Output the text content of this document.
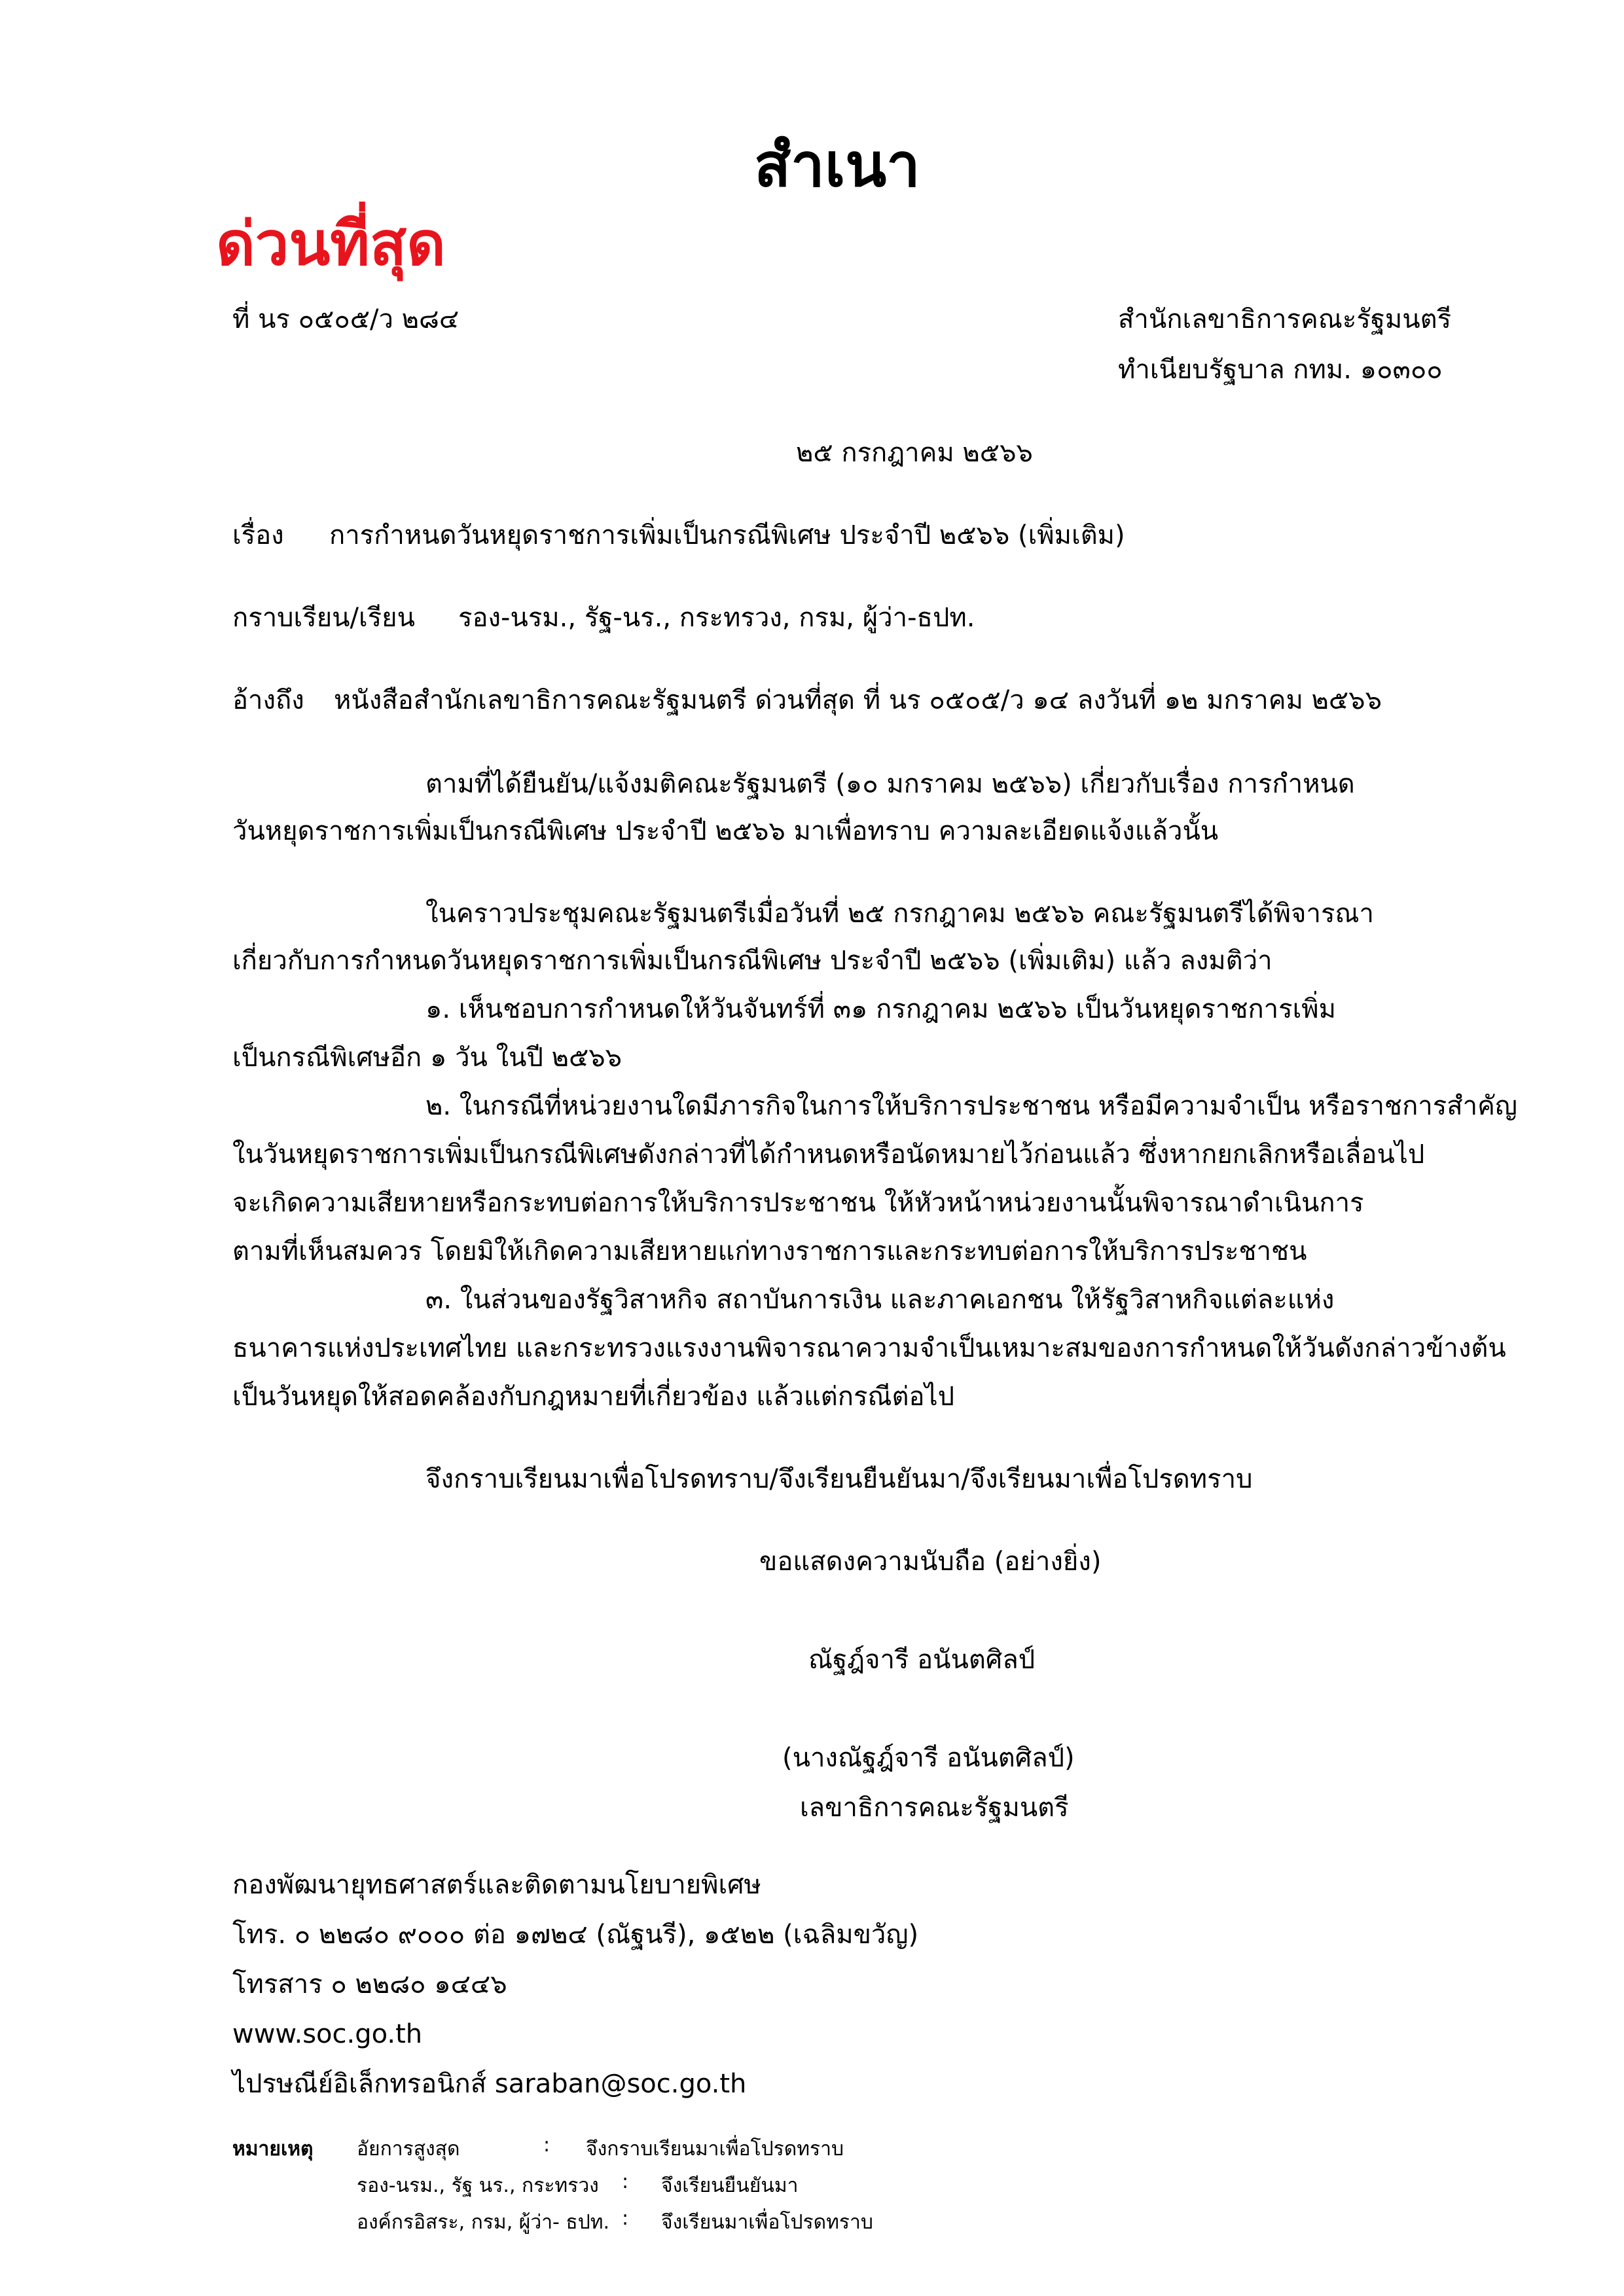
สำเนา
ด่วนที่สุด
ที่ นร ๐๕๐๕/ว ๒๘๔	สำนักเลขาธิการคณะรัฐมนตรี
ทำเนียบรัฐบาล กทม. ๑๐๓๐๐
๒๕ กรกฎาคม ๒๕๖๖
เรื่อง การกำหนดวันหยุดราชการเพิ่มเป็นกรณีพิเศษ ประจำปี ๒๕๖๖ (เพิ่มเติม)
กราบเรียน/เรียน รอง-นรม., รัฐ-นร., กระทรวง, กรม, ผู้ว่า-ธปท.
อ้างถึง หนังสือสำนักเลขาธิการคณะรัฐมนตรี ด่วนที่สุด ที่ นร ๐๕๐๕/ว ๑๔ ลงวันที่ ๑๒ มกราคม ๒๕๖๖
ตามที่ได้ยืนยัน/แจ้งมติคณะรัฐมนตรี (๑๐ มกราคม ๒๕๖๖) เกี่ยวกับเรื่อง การกำหนด
วันหยุดราชการเพิ่มเป็นกรณีพิเศษ ประจำปี ๒๕๖๖ มาเพื่อทราบ ความละเอียดแจ้งแล้วนั้น
ในคราวประชุมคณะรัฐมนตรีเมื่อวันที่ ๒๕ กรกฎาคม ๒๕๖๖ คณะรัฐมนตรีได้พิจารณา
เกี่ยวกับการกำหนดวันหยุดราชการเพิ่มเป็นกรณีพิเศษ ประจำปี ๒๕๖๖ (เพิ่มเติม) แล้ว ลงมติว่า
๑. เห็นชอบการกำหนดให้วันจันทร์ที่ ๓๑ กรกฎาคม ๒๕๖๖ เป็นวันหยุดราชการเพิ่ม
เป็นกรณีพิเศษอีก ๑ วัน ในปี ๒๕๖๖
๒. ในกรณีที่หน่วยงานใดมีภารกิจในการให้บริการประชาชน หรือมีความจำเป็น หรือราชการสำคัญ
ในวันหยุดราชการเพิ่มเป็นกรณีพิเศษดังกล่าวที่ได้กำหนดหรือนัดหมายไว้ก่อนแล้ว ซึ่งหากยกเลิกหรือเลื่อนไป
จะเกิดความเสียหายหรือกระทบต่อการให้บริการประชาชน ให้หัวหน้าหน่วยงานนั้นพิจารณาดำเนินการ
ตามที่เห็นสมควร โดยมิให้เกิดความเสียหายแก่ทางราชการและกระทบต่อการให้บริการประชาชน
๓. ในส่วนของรัฐวิสาหกิจ สถาบันการเงิน และภาคเอกชน ให้รัฐวิสาหกิจแต่ละแห่ง
ธนาคารแห่งประเทศไทย และกระทรวงแรงงานพิจารณาความจำเป็นเหมาะสมของการกำหนดให้วันดังกล่าวข้างต้น
เป็นวันหยุดให้สอดคล้องกับกฎหมายที่เกี่ยวข้อง แล้วแต่กรณีต่อไป
จึงกราบเรียนมาเพื่อโปรดทราบ/จึงเรียนยืนยันมา/จึงเรียนมาเพื่อโปรดทราบ
ขอแสดงความนับถือ (อย่างยิ่ง)
ณัฐฎ์จารี อนันตศิลป์
(นางณัฐฎ์จารี อนันตศิลป์)
เลขาธิการคณะรัฐมนตรี
กองพัฒนายุทธศาสตร์และติดตามนโยบายพิเศษ
โทร. ๐ ๒๒๘๐ ๙๐๐๐ ต่อ ๑๗๒๔ (ณัฐนรี), ๑๕๒๒ (เฉลิมขวัญ)
โทรสาร ๐ ๒๒๘๐ ๑๔๔๖
www.soc.go.th
ไปรษณีย์อิเล็กทรอนิกส์ saraban@soc.go.th
หมายเหตุ อัยการสูงสุด	: จึงกราบเรียนมาเพื่อโปรดทราบ
รอง-นรม., รัฐ นร., กระทรวง : จึงเรียนยืนยันมา
องค์กรอิสระ, กรม, ผู้ว่า- ธปท. : จึงเรียนมาเพื่อโปรดทราบ
